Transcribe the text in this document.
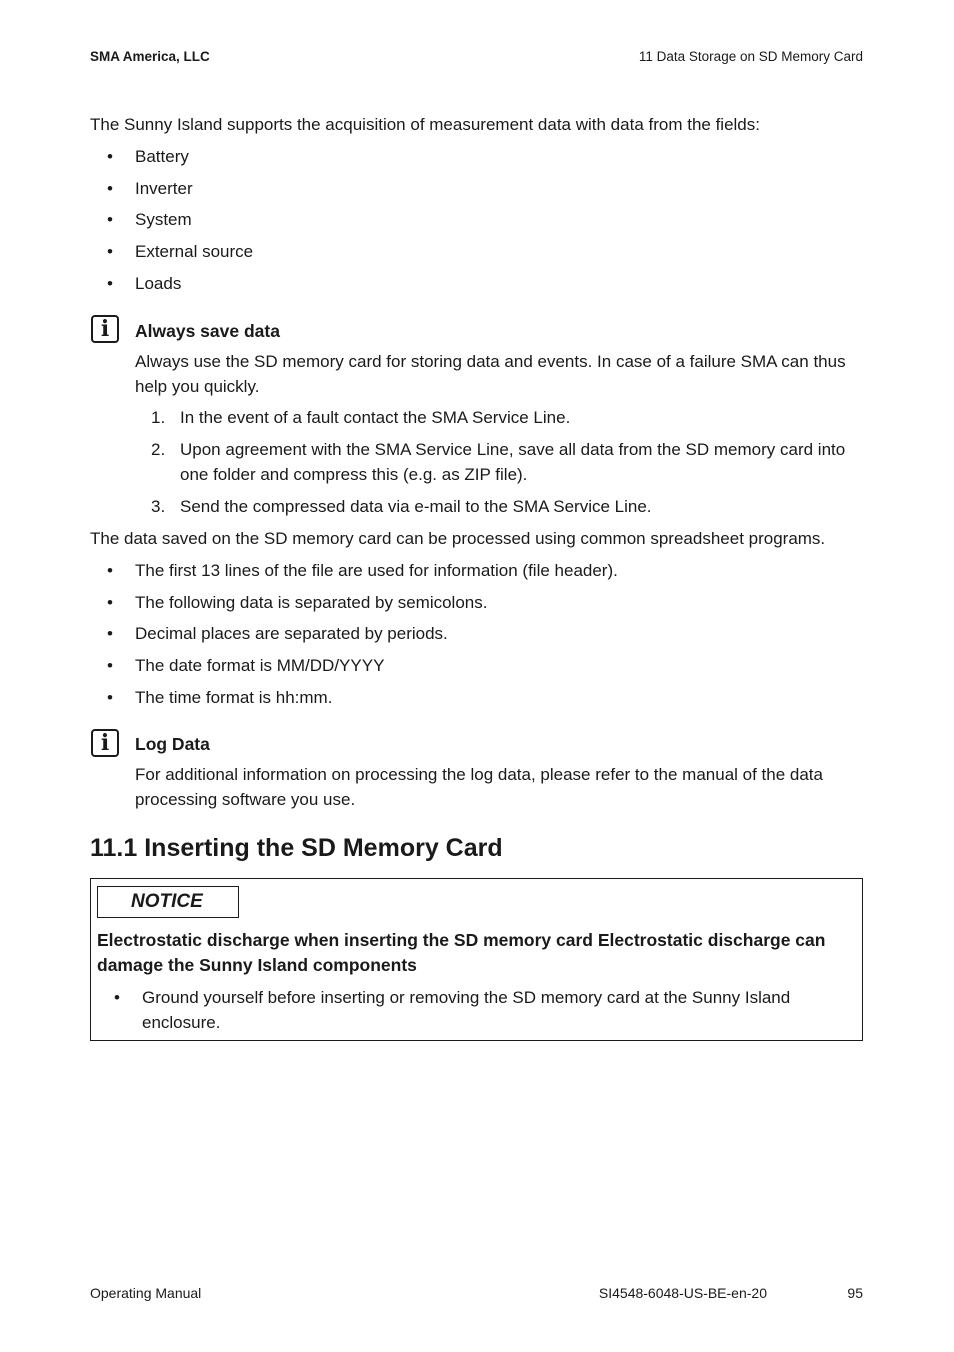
SMA America, LLC	11 Data Storage on SD Memory Card
The Sunny Island supports the acquisition of measurement data with data from the fields:
• Battery
• Inverter
• System
• External source
• Loads
i	Always save data
Always use the SD memory card for storing data and events. In case of a failure SMA can thus help you quickly.
1. In the event of a fault contact the SMA Service Line.
2. Upon agreement with the SMA Service Line, save all data from the SD memory card into one folder and compress this (e.g. as ZIP file).
3. Send the compressed data via e-mail to the SMA Service Line.
The data saved on the SD memory card can be processed using common spreadsheet programs.
• The first 13 lines of the file are used for information (file header).
• The following data is separated by semicolons.
• Decimal places are separated by periods.
• The date format is MM/DD/YYYY
• The time format is hh:mm.
i	Log Data
For additional information on processing the log data, please refer to the manual of the data processing software you use.
11.1 Inserting the SD Memory Card
NOTICE
Electrostatic discharge when inserting the SD memory card Electrostatic discharge can damage the Sunny Island components
• Ground yourself before inserting or removing the SD memory card at the Sunny Island enclosure.
Operating Manual	SI4548-6048-US-BE-en-20	95
